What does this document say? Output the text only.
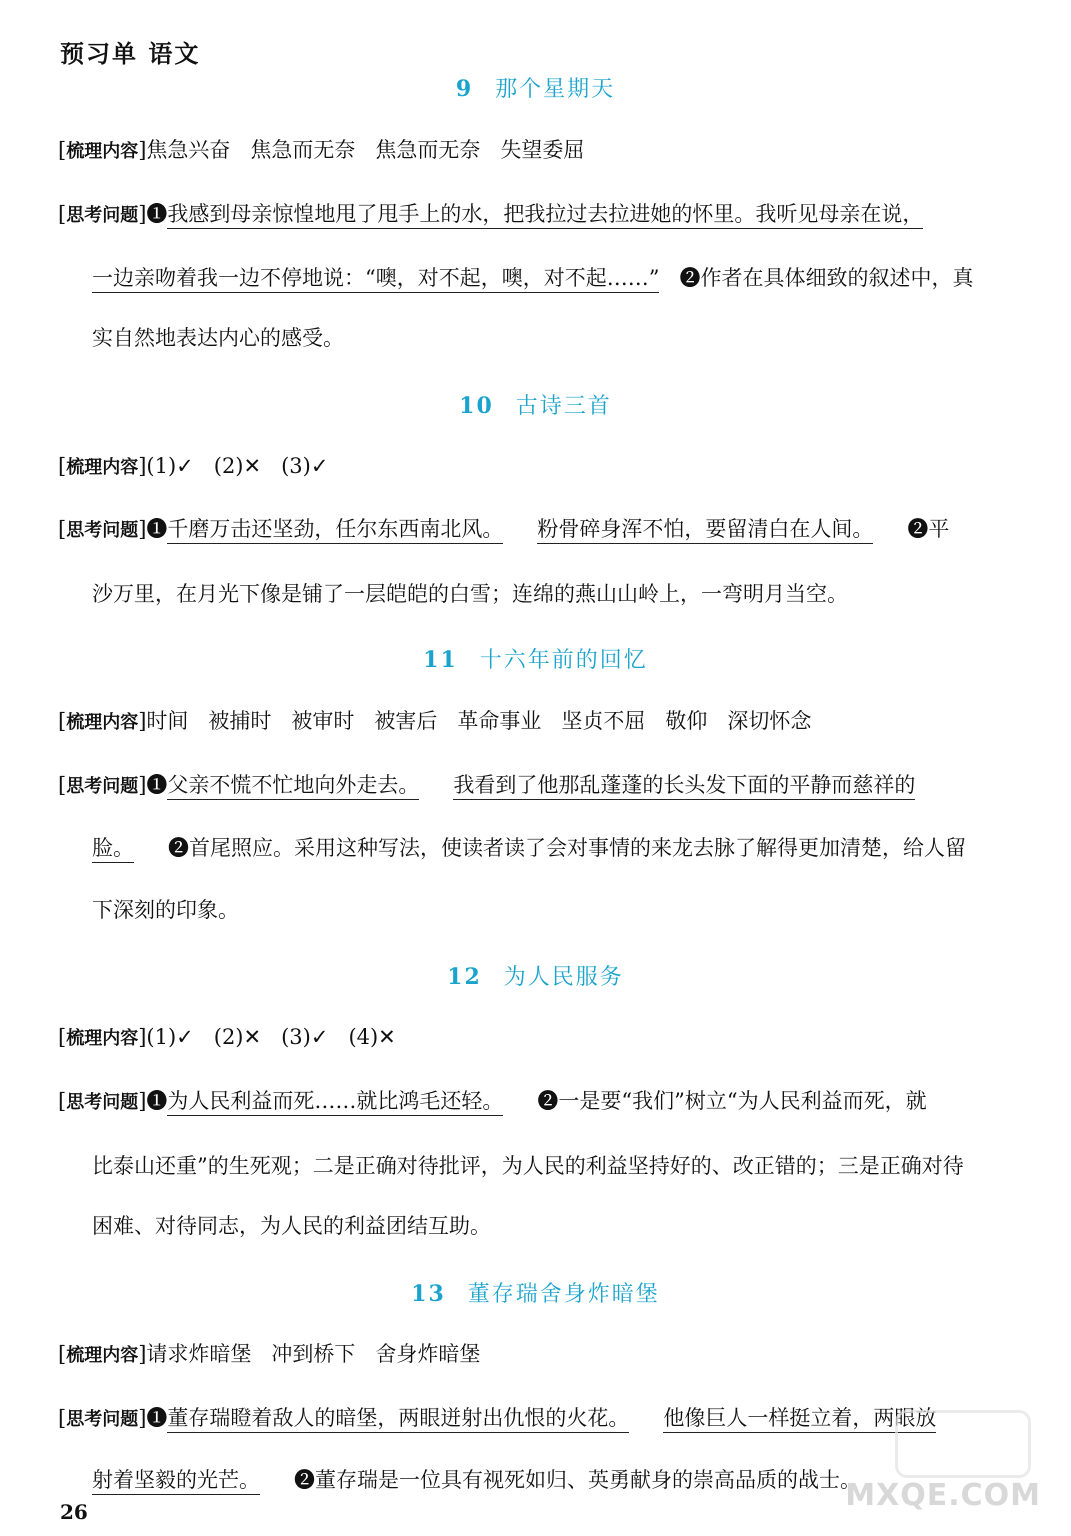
预习单 语文
9 那个星期天
[梳理内容]焦急兴奋 焦急而无奈 焦急而无奈 失望委屈
[思考问题]❶我感到母亲惊惶地甩了甩手上的水，把我拉过去拉进她的怀里。我听见母亲在说，
一边亲吻着我一边不停地说：“噢，对不起，噢，对不起……” ❷作者在具体细致的叙述中，真
实自然地表达内心的感受。
10 古诗三首
[梳理内容](1)✓ (2)✕ (3)✓
[思考问题]❶千磨万击还坚劲，任尔东西南北风。 粉骨碎身浑不怕，要留清白在人间。 ❷平
沙万里，在月光下像是铺了一层皑皑的白雪；连绵的燕山山岭上，一弯明月当空。
11 十六年前的回忆
[梳理内容]时间 被捕时 被审时 被害后 革命事业 坚贞不屈 敬仰 深切怀念
[思考问题]❶父亲不慌不忙地向外走去。 我看到了他那乱蓬蓬的长头发下面的平静而慈祥的
脸。 ❷首尾照应。采用这种写法，使读者读了会对事情的来龙去脉了解得更加清楚，给人留
下深刻的印象。
12 为人民服务
[梳理内容](1)✓ (2)✕ (3)✓ (4)✕
[思考问题]❶为人民利益而死……就比鸿毛还轻。 ❷一是要“我们”树立“为人民利益而死，就
比泰山还重”的生死观；二是正确对待批评，为人民的利益坚持好的、改正错的；三是正确对待
困难、对待同志，为人民的利益团结互助。
13 董存瑞舍身炸暗堡
[梳理内容]请求炸暗堡 冲到桥下 舍身炸暗堡
[思考问题]❶董存瑞瞪着敌人的暗堡，两眼迸射出仇恨的火花。 他像巨人一样挺立着，两眼放
射着坚毅的光芒。 ❷董存瑞是一位具有视死如归、英勇献身的崇高品质的战士。
MXQE.COM
26
